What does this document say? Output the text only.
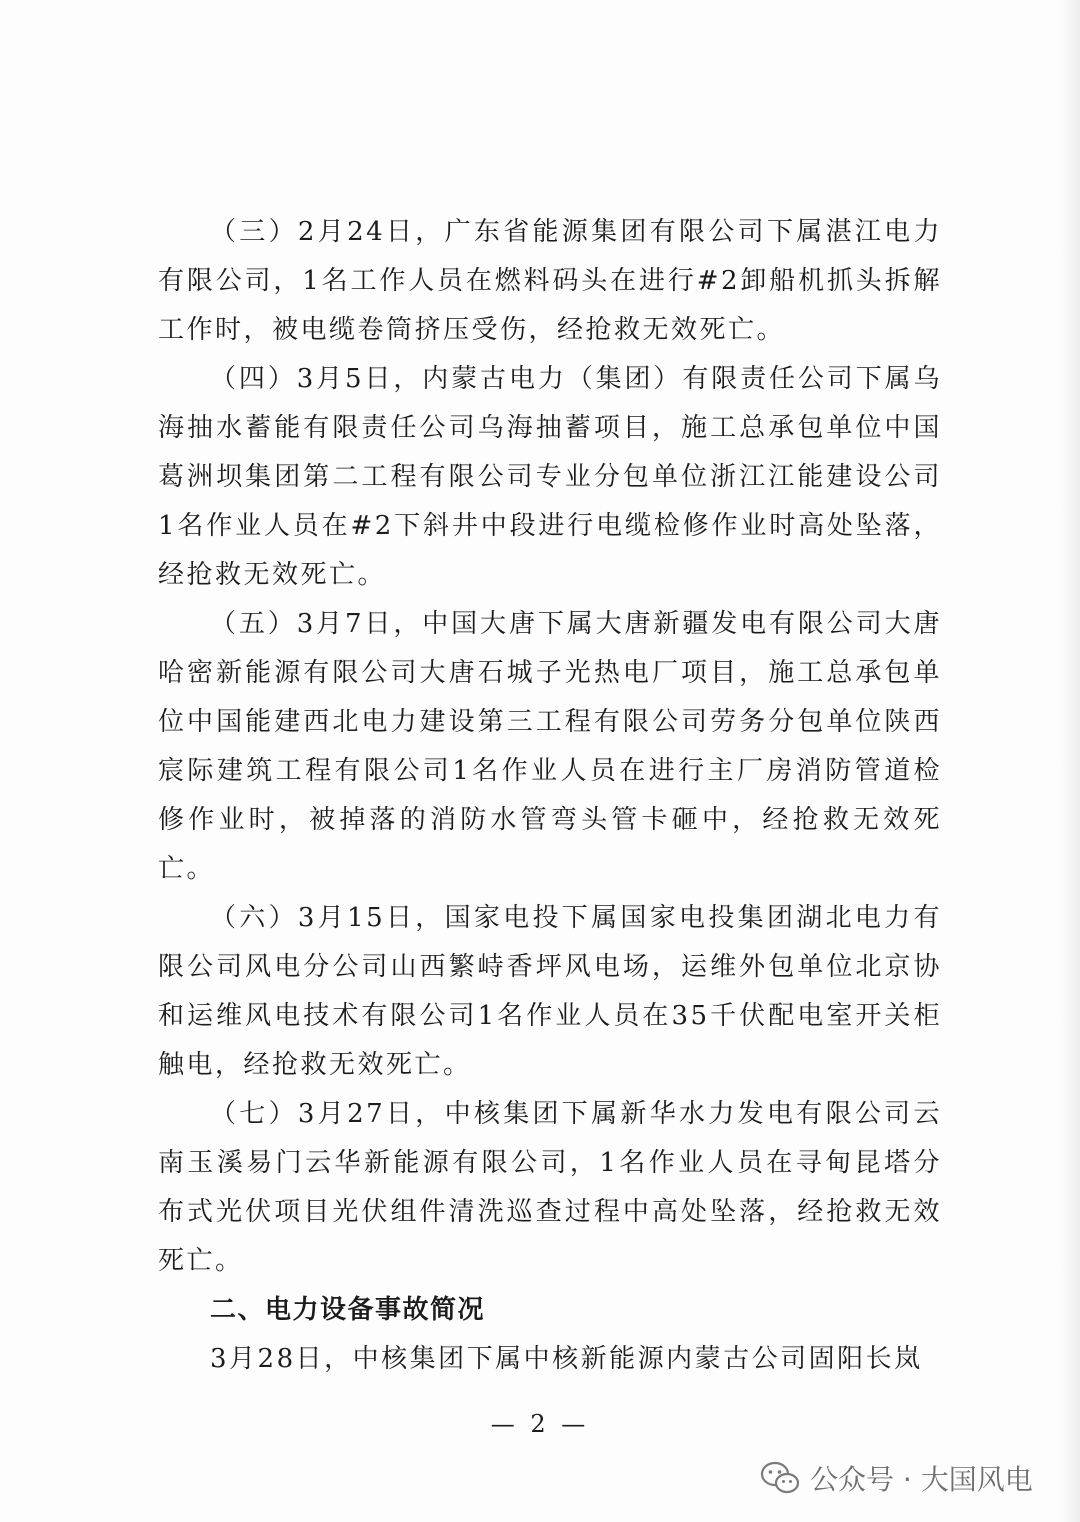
（三）2月24日，广东省能源集团有限公司下属湛江电力有限公司，1名工作人员在燃料码头在进行#2卸船机抓头拆解工作时，被电缆卷筒挤压受伤，经抢救无效死亡。

（四）3月5日，内蒙古电力（集团）有限责任公司下属乌海抽水蓄能有限责任公司乌海抽蓄项目，施工总承包单位中国葛洲坝集团第二工程有限公司专业分包单位浙江江能建设公司1名作业人员在#2下斜井中段进行电缆检修作业时高处坠落，经抢救无效死亡。

（五）3月7日，中国大唐下属大唐新疆发电有限公司大唐哈密新能源有限公司大唐石城子光热电厂项目，施工总承包单位中国能建西北电力建设第三工程有限公司劳务分包单位陕西宸际建筑工程有限公司1名作业人员在进行主厂房消防管道检修作业时，被掉落的消防水管弯头管卡砸中，经抢救无效死亡。

（六）3月15日，国家电投下属国家电投集团湖北电力有限公司风电分公司山西繁峙香坪风电场，运维外包单位北京协和运维风电技术有限公司1名作业人员在35千伏配电室开关柜触电，经抢救无效死亡。

（七）3月27日，中核集团下属新华水力发电有限公司云南玉溪易门云华新能源有限公司，1名作业人员在寻甸昆塔分布式光伏项目光伏组件清洗巡查过程中高处坠落，经抢救无效死亡。

二、电力设备事故简况

3月28日，中核集团下属中核新能源内蒙古公司固阳长岚

— 2 —
公众号 · 大国风电
